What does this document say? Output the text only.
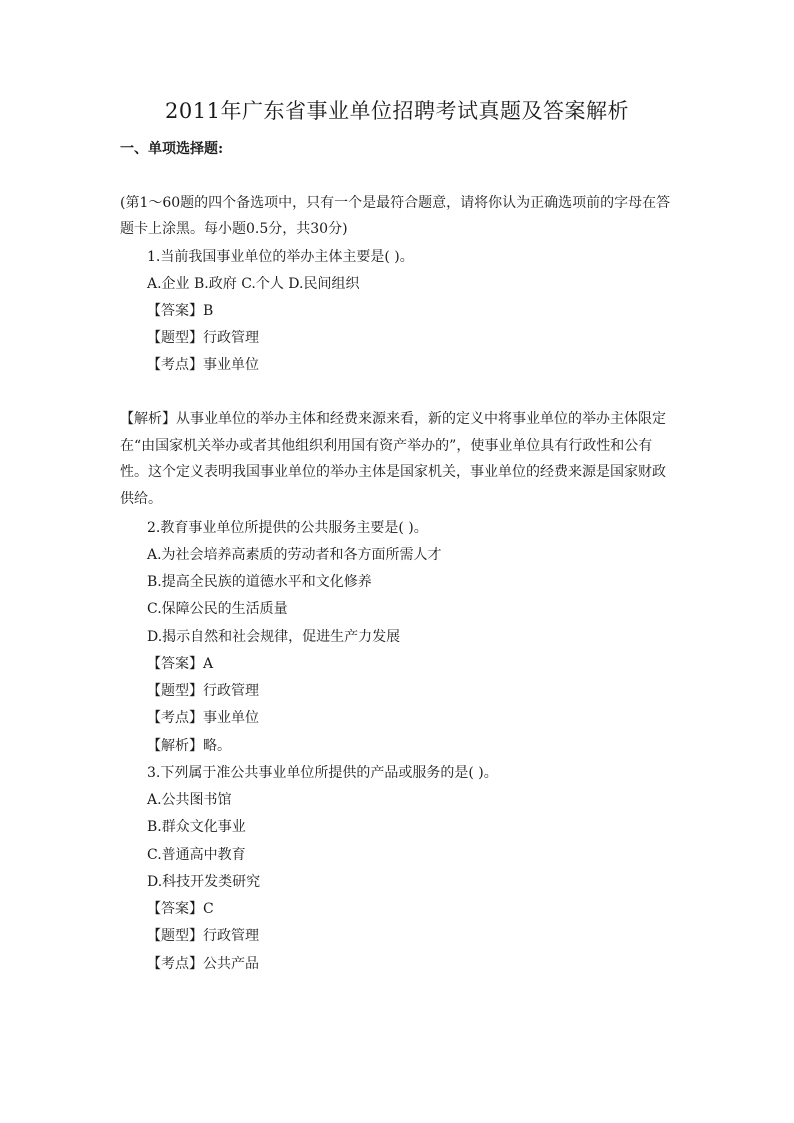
2011年广东省事业单位招聘考试真题及答案解析
一、单项选择题:
(第1～60题的四个备选项中，只有一个是最符合题意，请将你认为正确选项前的字母在答题卡上涂黑。每小题0.5分，共30分)
1.当前我国事业单位的举办主体主要是( )。
A.企业 B.政府 C.个人 D.民间组织
【答案】B
【题型】行政管理
【考点】事业单位
【解析】从事业单位的举办主体和经费来源来看，新的定义中将事业单位的举办主体限定在“由国家机关举办或者其他组织利用国有资产举办的”，使事业单位具有行政性和公有性。这个定义表明我国事业单位的举办主体是国家机关，事业单位的经费来源是国家财政供给。
2.教育事业单位所提供的公共服务主要是( )。
A.为社会培养高素质的劳动者和各方面所需人才
B.提高全民族的道德水平和文化修养
C.保障公民的生活质量
D.揭示自然和社会规律，促进生产力发展
【答案】A
【题型】行政管理
【考点】事业单位
【解析】略。
3.下列属于准公共事业单位所提供的产品或服务的是( )。
A.公共图书馆
B.群众文化事业
C.普通高中教育
D.科技开发类研究
【答案】C
【题型】行政管理
【考点】公共产品
